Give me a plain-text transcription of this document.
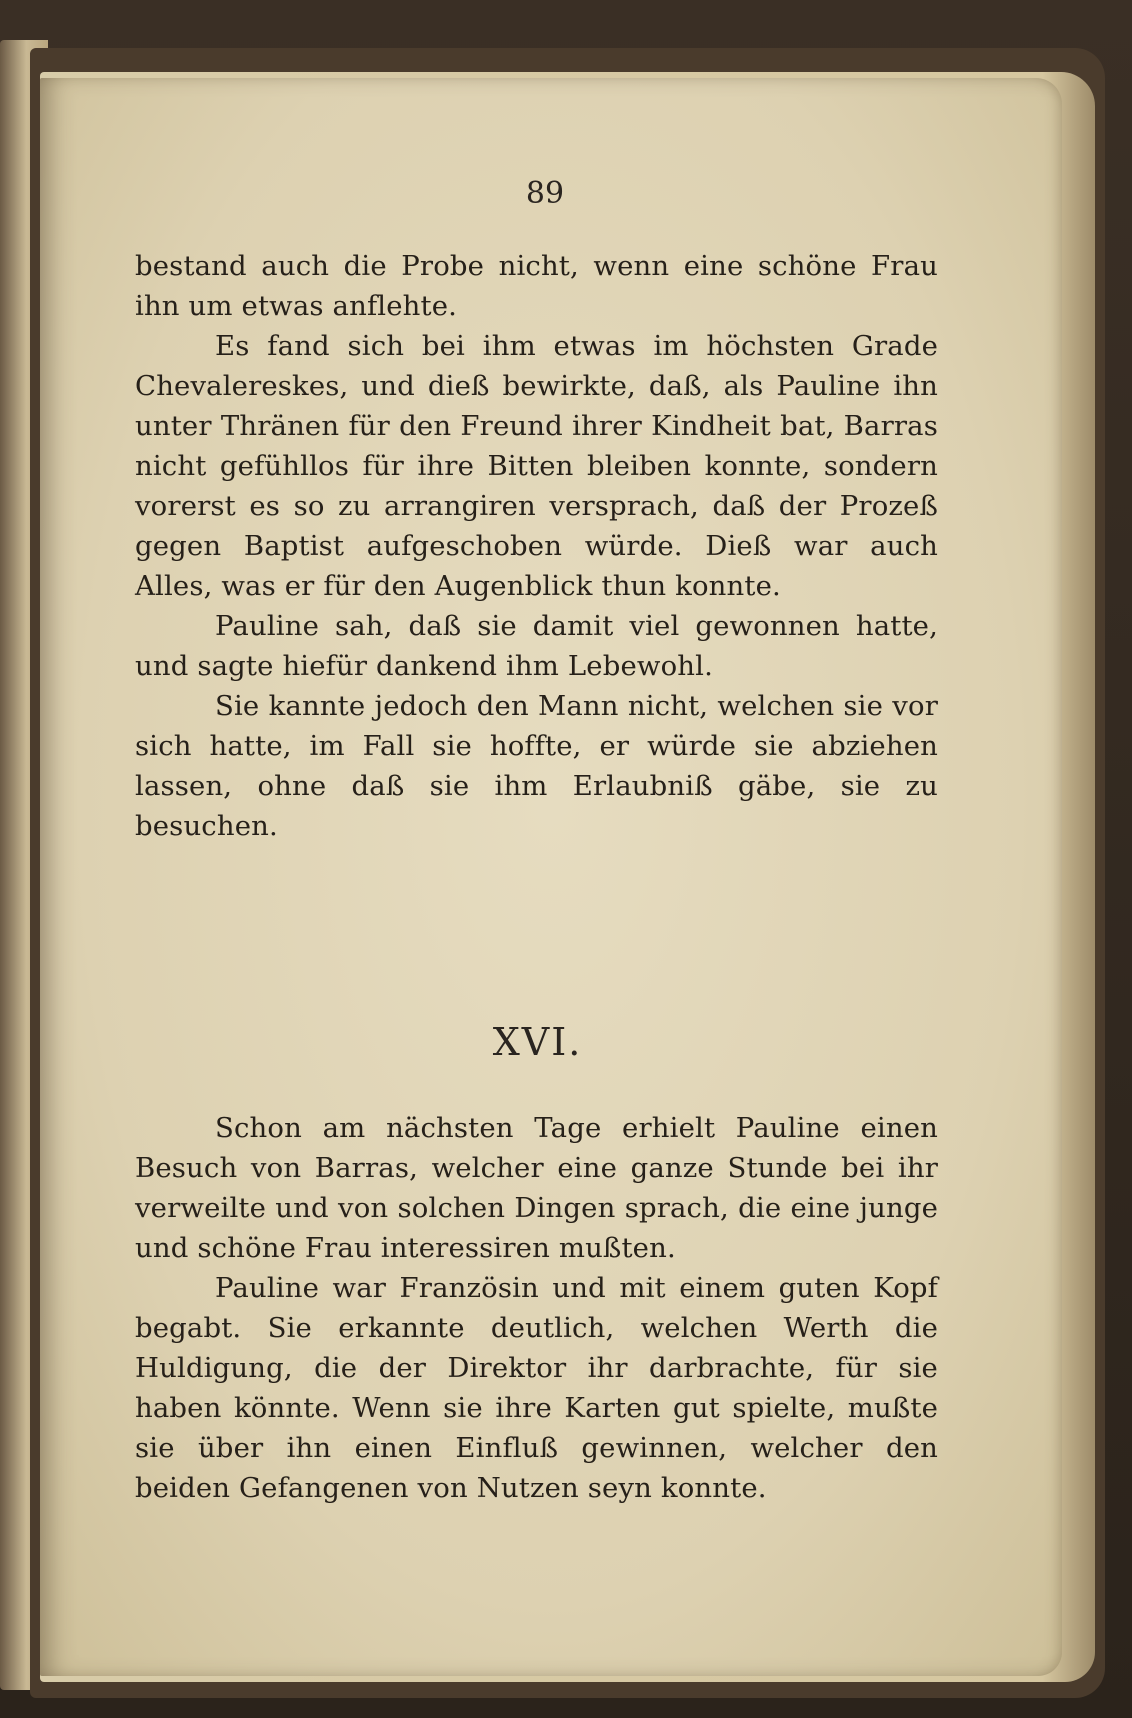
89

bestand auch die Probe nicht, wenn eine schöne Frau ihn um etwas anflehte.

Es fand sich bei ihm etwas im höchsten Grade Chevalereskes, und dieß bewirkte, daß, als Pauline ihn unter Thränen für den Freund ihrer Kindheit bat, Barras nicht gefühllos für ihre Bitten bleiben konnte, sondern vorerst es so zu arrangiren versprach, daß der Prozeß gegen Baptist aufgeschoben würde. Dieß war auch Alles, was er für den Augenblick thun konnte.

Pauline sah, daß sie damit viel gewonnen hatte, und sagte hiefür dankend ihm Lebewohl.

Sie kannte jedoch den Mann nicht, welchen sie vor sich hatte, im Fall sie hoffte, er würde sie abziehen lassen, ohne daß sie ihm Erlaubniß gäbe, sie zu besuchen.

XVI.

Schon am nächsten Tage erhielt Pauline einen Besuch von Barras, welcher eine ganze Stunde bei ihr verweilte und von solchen Dingen sprach, die eine junge und schöne Frau interessiren mußten.

Pauline war Französin und mit einem guten Kopf begabt. Sie erkannte deutlich, welchen Werth die Huldigung, die der Direktor ihr darbrachte, für sie haben könnte. Wenn sie ihre Karten gut spielte, mußte sie über ihn einen Einfluß gewinnen, welcher den beiden Gefangenen von Nutzen seyn konnte.
